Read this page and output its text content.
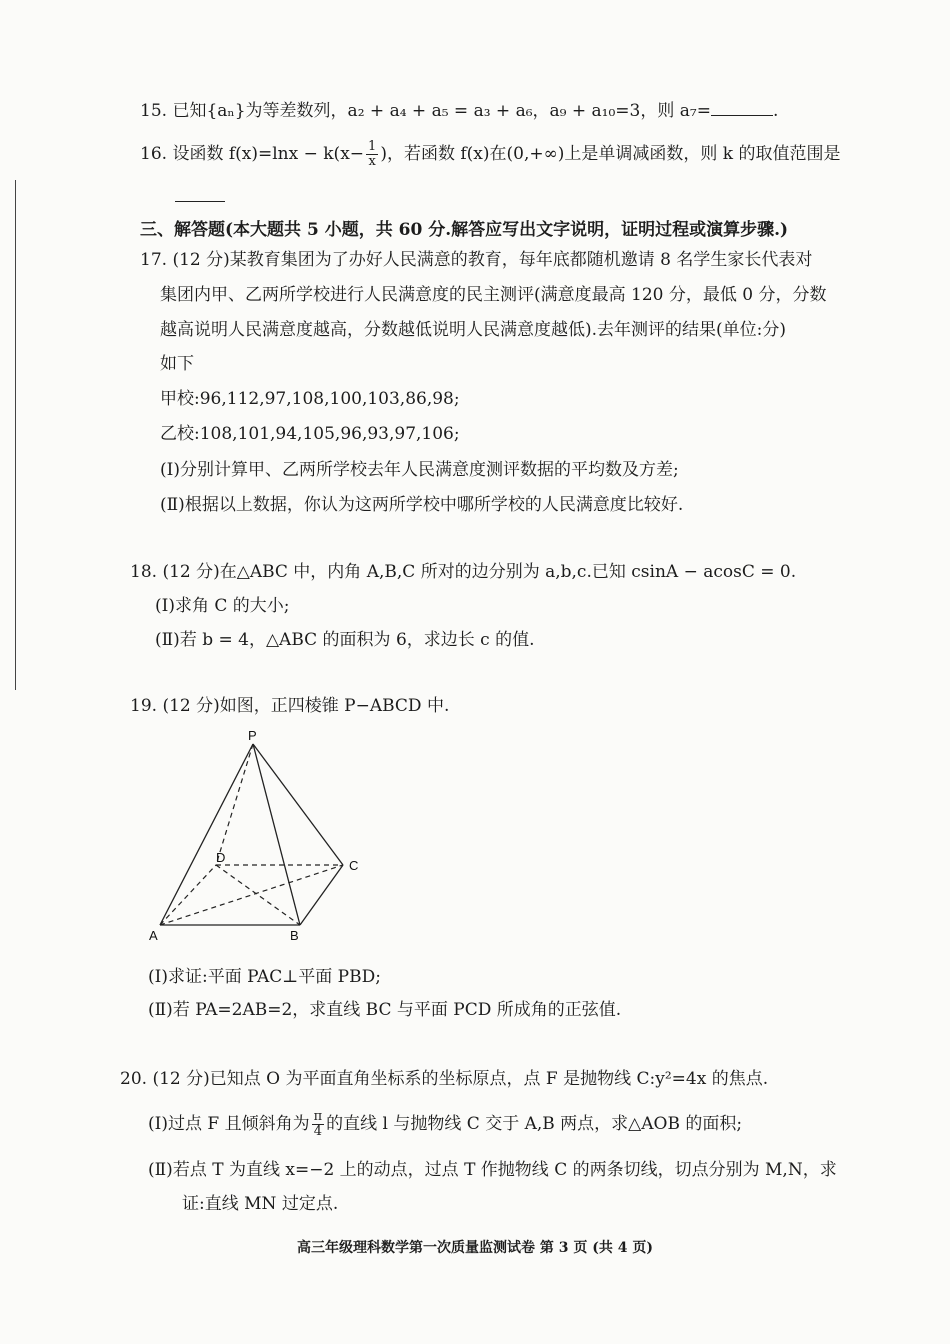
15. 已知{aₙ}为等差数列，a₂ + a₄ + a₅ = a₃ + a₆，a₉ + a₁₀=3，则 a₇=	.
16. 设函数 $f(x)=\ln x - k(x- \frac{1}{x}$ )，若函数 f(x)在(0,+∞)上是单调减函数，则 k 的取值范围是
三、解答题(本大题共 5 小题，共 60 分.解答应写出文字说明，证明过程或演算步骤.)
17. (12 分)某教育集团为了办好人民满意的教育，每年底都随机邀请 8 名学生家长代表对
集团内甲、乙两所学校进行人民满意度的民主测评(满意度最高 120 分，最低 0 分，分数
越高说明人民满意度越高，分数越低说明人民满意度越低).去年测评的结果(单位:分)
如下
甲校:96,112,97,108,100,103,86,98;
乙校:108,101,94,105,96,93,97,106;
(Ⅰ)分别计算甲、乙两所学校去年人民满意度测评数据的平均数及方差;
(Ⅱ)根据以上数据，你认为这两所学校中哪所学校的人民满意度比较好.
18. (12 分)在△ABC 中，内角 A,B,C 所对的边分别为 a,b,c.已知 csinA − acosC = 0.
(Ⅰ)求角 C 的大小;
(Ⅱ)若 b = 4，△ABC 的面积为 6，求边长 c 的值.
19. (12 分)如图，正四棱锥 P−ABCD 中.
P
A	B
C
D
(Ⅰ)求证:平面 PAC⊥平面 PBD;
(Ⅱ)若 PA=2AB=2，求直线 BC 与平面 PCD 所成角的正弦值.
20. (12 分)已知点 O 为平面直角坐标系的坐标原点，点 F 是抛物线 C:y²=4x 的焦点.
(Ⅰ)过点 F 且倾斜角为 $\frac{\pi}{4}$ 的直线 l 与抛物线 C 交于 A,B 两点，求△AOB 的面积;
(Ⅱ)若点 T 为直线 x=−2 上的动点，过点 T 作抛物线 C 的两条切线，切点分别为 M,N，求
证:直线 MN 过定点.
高三年级理科数学第一次质量监测试卷 第 3 页 (共 4 页)
